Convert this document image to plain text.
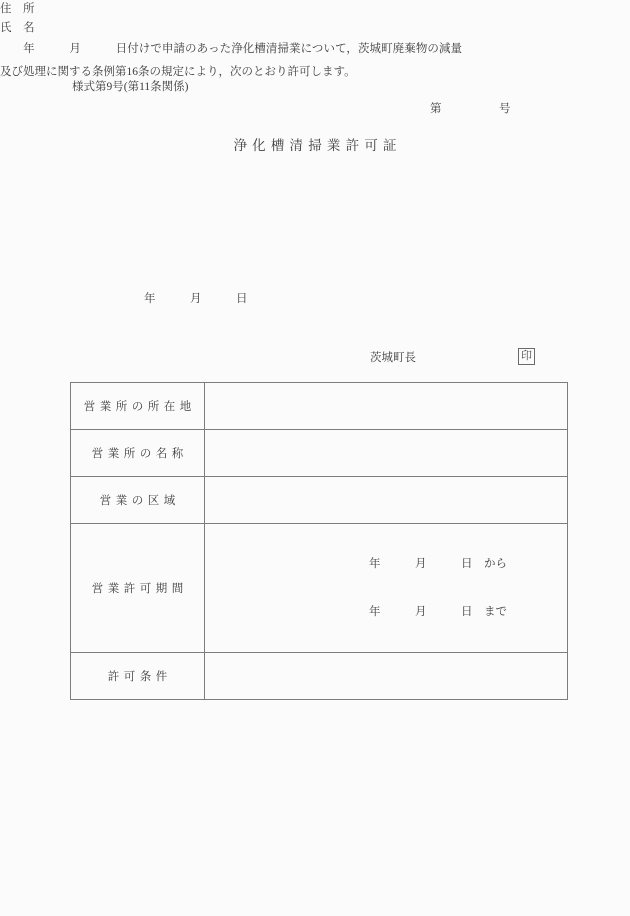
様式第9号(第11条関係)
第　　　　　号
浄化槽清掃業許可証
住　所
氏　名
　　年　　　月　　　日付けで申請のあった浄化槽清掃業について，茨城町廃棄物の減量及び処理に関する条例第16条の規定により，次のとおり許可します。
年　　　月　　　日
茨城町長	印
営業所の所在地	
営業所の名称	
営業の区域	
営業許可期間	年　　　月　　　日　から

年　　　月　　　日　まで

許可条件	
